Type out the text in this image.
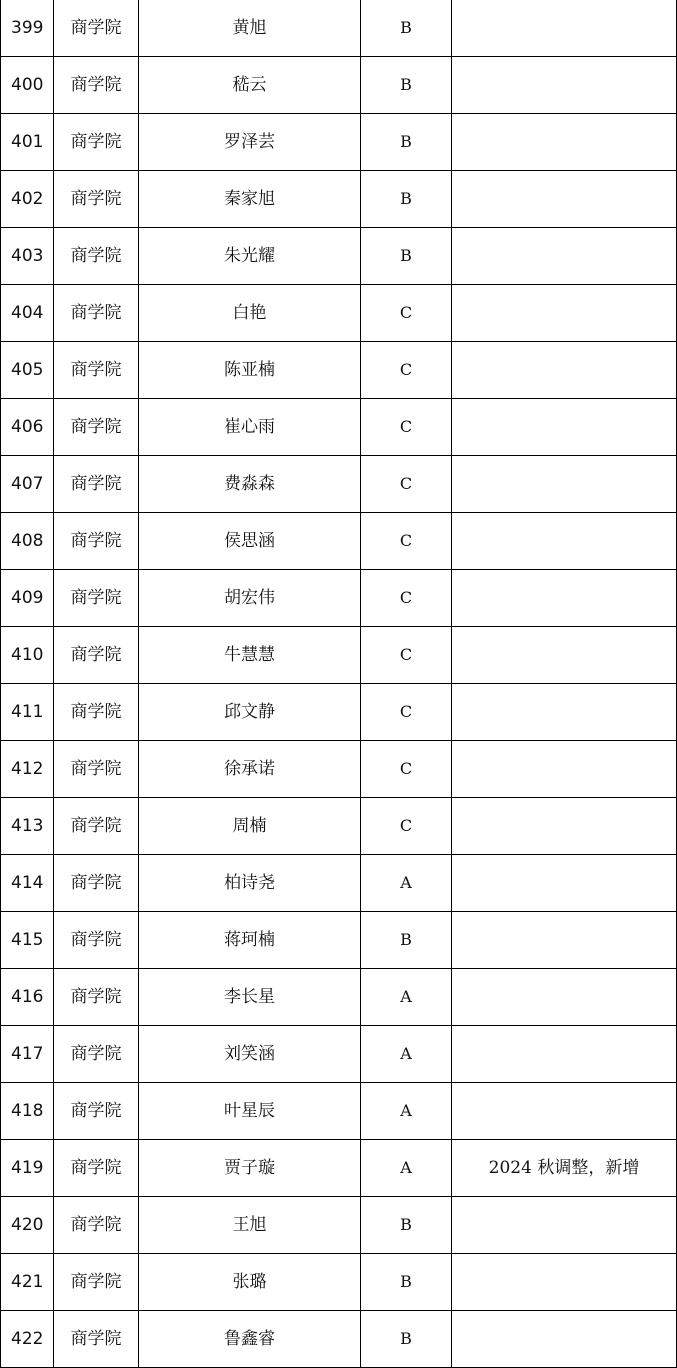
399	商学院	黄旭	B	
400	商学院	嵇云	B	
401	商学院	罗泽芸	B	
402	商学院	秦家旭	B	
403	商学院	朱光耀	B	
404	商学院	白艳	C	
405	商学院	陈亚楠	C	
406	商学院	崔心雨	C	
407	商学院	费淼森	C	
408	商学院	侯思涵	C	
409	商学院	胡宏伟	C	
410	商学院	牛慧慧	C	
411	商学院	邱文静	C	
412	商学院	徐承诺	C	
413	商学院	周楠	C	
414	商学院	柏诗尧	A	
415	商学院	蒋珂楠	B	
416	商学院	李长星	A	
417	商学院	刘笑涵	A	
418	商学院	叶星辰	A	
419	商学院	贾子璇	A	2024 秋调整，新增
420	商学院	王旭	B	
421	商学院	张璐	B	
422	商学院	鲁鑫睿	B	
